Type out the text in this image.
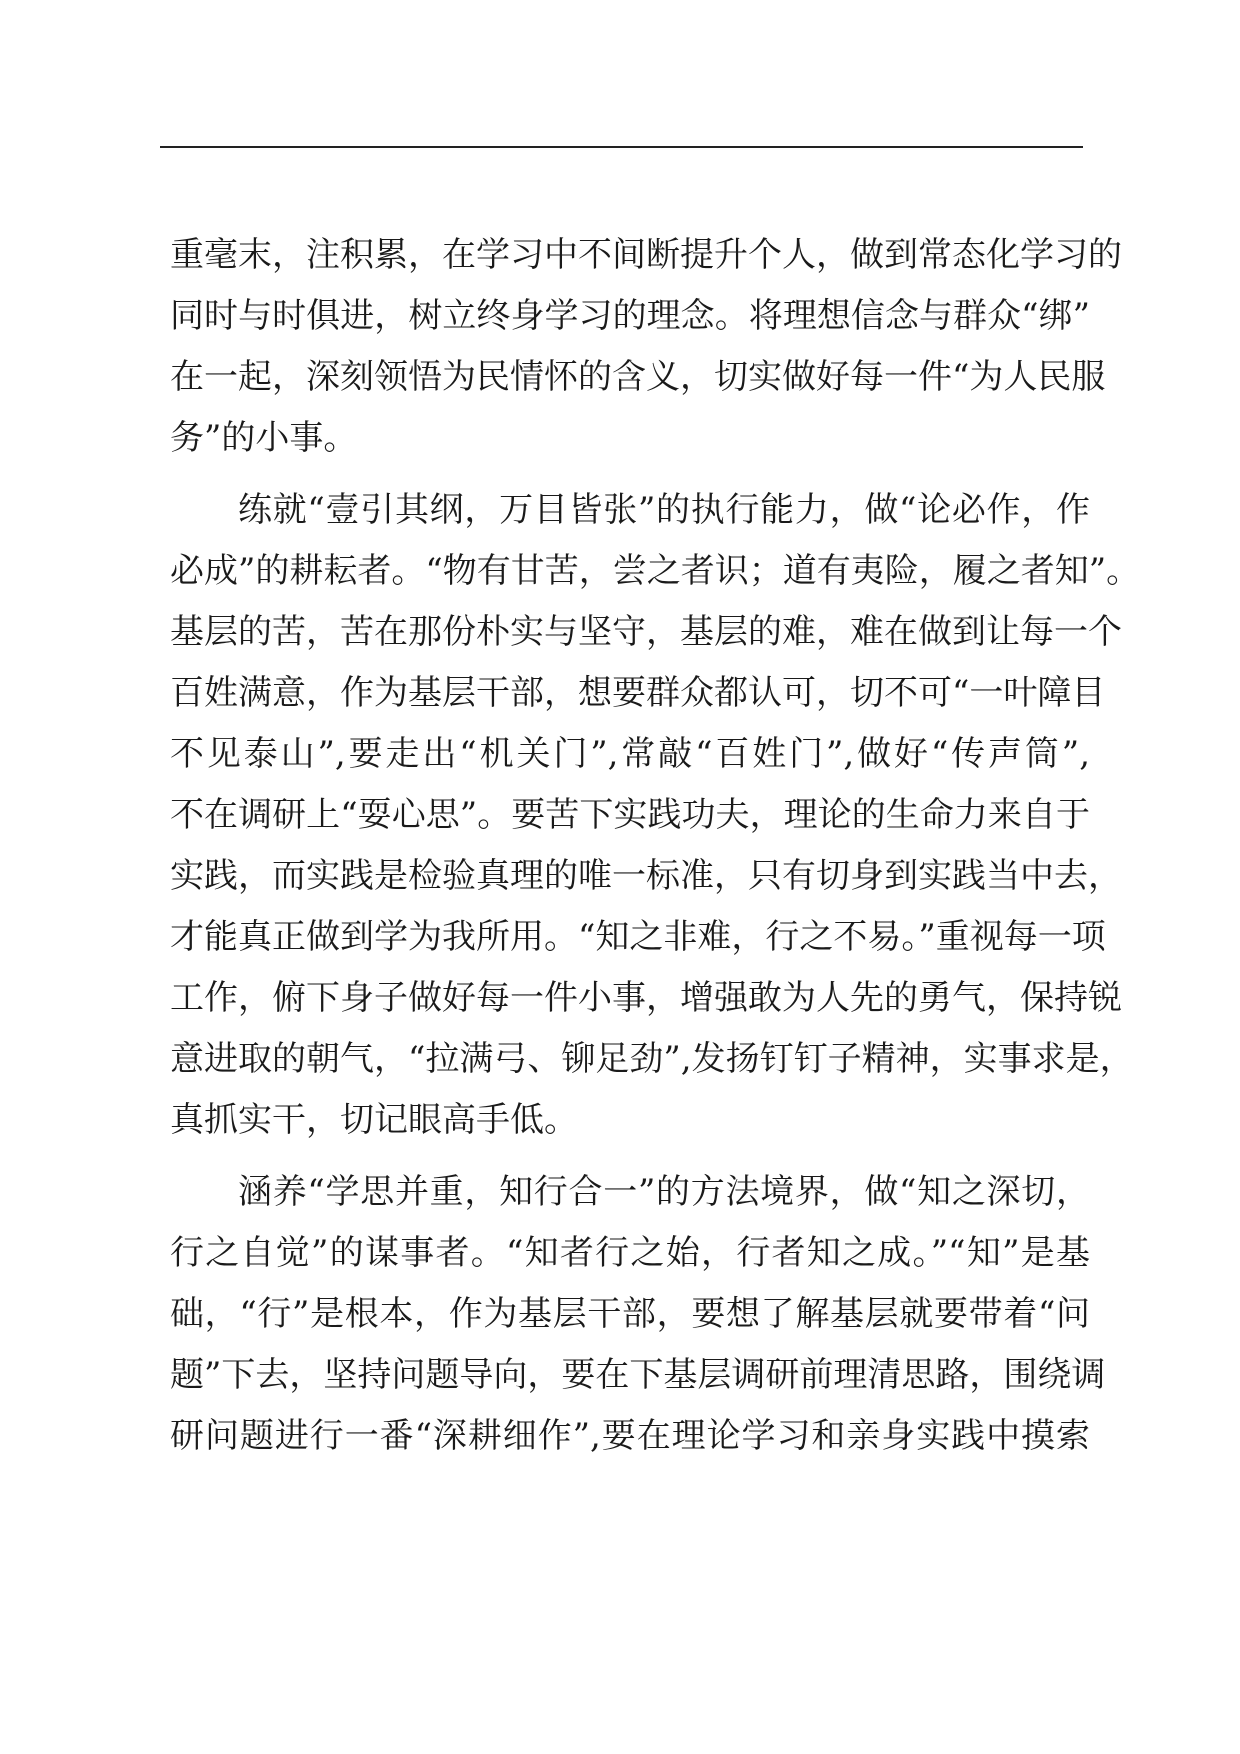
重毫末，注积累，在学习中不间断提升个人，做到常态化学习的
同时与时俱进，树立终身学习的理念。将理想信念与群众“绑”
在一起，深刻领悟为民情怀的含义，切实做好每一件“为人民服
务”的小事。
练就“壹引其纲，万目皆张”的执行能力，做“论必作，作
必成”的耕耘者。“物有甘苦，尝之者识；道有夷险，履之者知”。
基层的苦，苦在那份朴实与坚守，基层的难，难在做到让每一个
百姓满意，作为基层干部，想要群众都认可，切不可“一叶障目
不见泰山”,要走出“机关门”,常敲“百姓门”,做好“传声筒”,
不在调研上“耍心思”。要苦下实践功夫，理论的生命力来自于
实践，而实践是检验真理的唯一标准，只有切身到实践当中去，
才能真正做到学为我所用。“知之非难，行之不易。”重视每一项
工作，俯下身子做好每一件小事，增强敢为人先的勇气，保持锐
意进取的朝气，“拉满弓、铆足劲”,发扬钉钉子精神，实事求是，
真抓实干，切记眼高手低。
涵养“学思并重，知行合一”的方法境界，做“知之深切，
行之自觉”的谋事者。“知者行之始，行者知之成。”“知”是基
础，“行”是根本，作为基层干部，要想了解基层就要带着“问
题”下去，坚持问题导向，要在下基层调研前理清思路，围绕调
研问题进行一番“深耕细作”,要在理论学习和亲身实践中摸索
